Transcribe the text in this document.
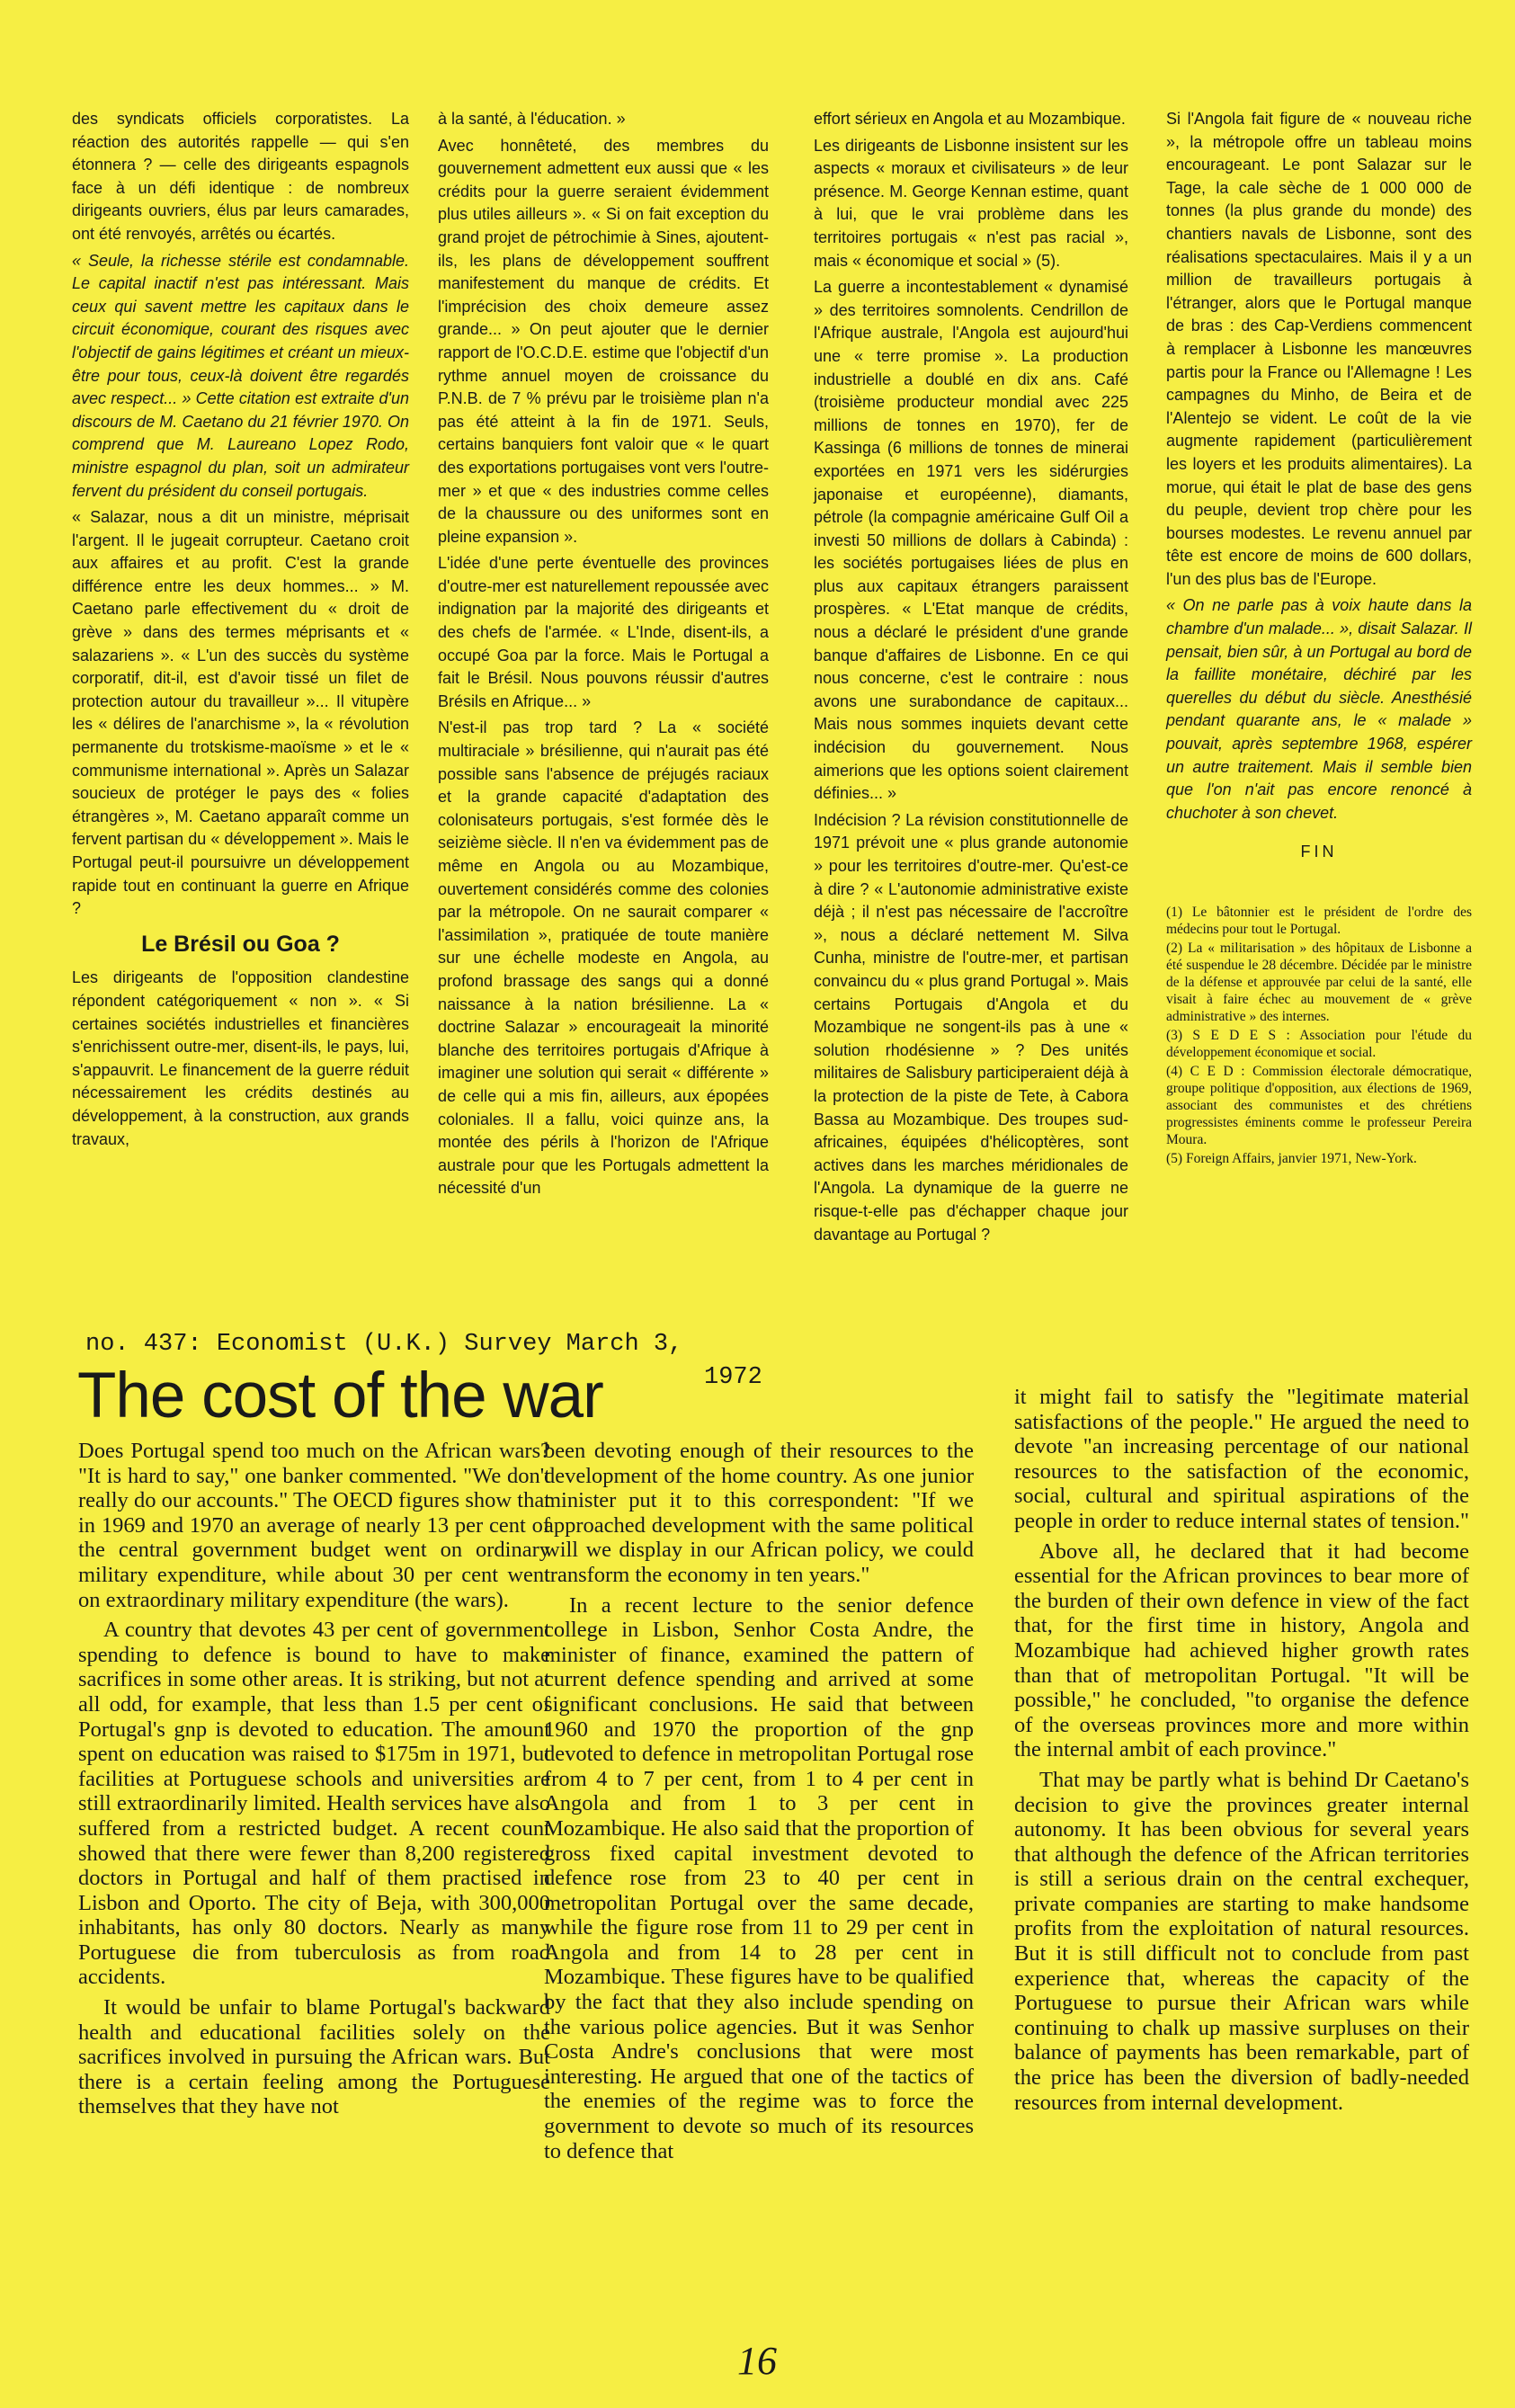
des syndicats officiels corporatistes. La réaction des autorités rappelle — qui s'en étonnera ? — celle des dirigeants espagnols face à un défi identique : de nombreux dirigeants ouvriers, élus par leurs camarades, ont été renvoyés, arrêtés ou écartés.

« Seule, la richesse stérile est condamnable. Le capital inactif n'est pas intéressant. Mais ceux qui savent mettre les capitaux dans le circuit économique, courant des risques avec l'objectif de gains légitimes et créant un mieux-être pour tous, ceux-là doivent être regardés avec respect... » Cette citation est extraite d'un discours de M. Caetano du 21 février 1970. On comprend que M. Laureano Lopez Rodo, ministre espagnol du plan, soit un admirateur fervent du président du conseil portugais.

« Salazar, nous a dit un ministre, méprisait l'argent. Il le jugeait corrupteur. Caetano croit aux affaires et au profit. C'est la grande différence entre les deux hommes... » M. Caetano parle effectivement du « droit de grève » dans des termes méprisants et « salazariens ». « L'un des succès du système corporatif, dit-il, est d'avoir tissé un filet de protection autour du travailleur »... Il vitupère les « délires de l'anarchisme », la « révolution permanente du trotskisme-maoïsme » et le « communisme international ». Après un Salazar soucieux de protéger le pays des « folies étrangères », M. Caetano apparaît comme un fervent partisan du « développement ». Mais le Portugal peut-il poursuivre un développement rapide tout en continuant la guerre en Afrique ?

Le Brésil ou Goa ?

Les dirigeants de l'opposition clandestine répondent catégoriquement « non ». « Si certaines sociétés industrielles et financières s'enrichissent outre-mer, disent-ils, le pays, lui, s'appauvrit. Le financement de la guerre réduit nécessairement les crédits destinés au développement, à la construction, aux grands travaux,

à la santé, à l'éducation. »

Avec honnêteté, des membres du gouvernement admettent eux aussi que « les crédits pour la guerre seraient évidemment plus utiles ailleurs ». « Si on fait exception du grand projet de pétrochimie à Sines, ajoutent-ils, les plans de développement souffrent manifestement du manque de crédits. Et l'imprécision des choix demeure assez grande... » On peut ajouter que le dernier rapport de l'O.C.D.E. estime que l'objectif d'un rythme annuel moyen de croissance du P.N.B. de 7 % prévu par le troisième plan n'a pas été atteint à la fin de 1971. Seuls, certains banquiers font valoir que « le quart des exportations portugaises vont vers l'outre-mer » et que « des industries comme celles de la chaussure ou des uniformes sont en pleine expansion ».

L'idée d'une perte éventuelle des provinces d'outre-mer est naturellement repoussée avec indignation par la majorité des dirigeants et des chefs de l'armée. « L'Inde, disent-ils, a occupé Goa par la force. Mais le Portugal a fait le Brésil. Nous pouvons réussir d'autres Brésils en Afrique... »

N'est-il pas trop tard ? La « société multiraciale » brésilienne, qui n'aurait pas été possible sans l'absence de préjugés raciaux et la grande capacité d'adaptation des colonisateurs portugais, s'est formée dès le seizième siècle. Il n'en va évidemment pas de même en Angola ou au Mozambique, ouvertement considérés comme des colonies par la métropole. On ne saurait comparer « l'assimilation », pratiquée de toute manière sur une échelle modeste en Angola, au profond brassage des sangs qui a donné naissance à la nation brésilienne. La « doctrine Salazar » encourageait la minorité blanche des territoires portugais d'Afrique à imaginer une solution qui serait « différente » de celle qui a mis fin, ailleurs, aux épopées coloniales. Il a fallu, voici quinze ans, la montée des périls à l'horizon de l'Afrique australe pour que les Portugals admettent la nécessité d'un

effort sérieux en Angola et au Mozambique.

Les dirigeants de Lisbonne insistent sur les aspects « moraux et civilisateurs » de leur présence. M. George Kennan estime, quant à lui, que le vrai problème dans les territoires portugais « n'est pas racial », mais « économique et social » (5).

La guerre a incontestablement « dynamisé » des territoires somnolents. Cendrillon de l'Afrique australe, l'Angola est aujourd'hui une « terre promise ». La production industrielle a doublé en dix ans. Café (troisième producteur mondial avec 225 millions de tonnes en 1970), fer de Kassinga (6 millions de tonnes de minerai exportées en 1971 vers les sidérurgies japonaise et européenne), diamants, pétrole (la compagnie américaine Gulf Oil a investi 50 millions de dollars à Cabinda) : les sociétés portugaises liées de plus en plus aux capitaux étrangers paraissent prospères. « L'Etat manque de crédits, nous a déclaré le président d'une grande banque d'affaires de Lisbonne. En ce qui nous concerne, c'est le contraire : nous avons une surabondance de capitaux... Mais nous sommes inquiets devant cette indécision du gouvernement. Nous aimerions que les options soient clairement définies... »

Indécision ? La révision constitutionnelle de 1971 prévoit une « plus grande autonomie » pour les territoires d'outre-mer. Qu'est-ce à dire ? « L'autonomie administrative existe déjà ; il n'est pas nécessaire de l'accroître », nous a déclaré nettement M. Silva Cunha, ministre de l'outre-mer, et partisan convaincu du « plus grand Portugal ». Mais certains Portugais d'Angola et du Mozambique ne songent-ils pas à une « solution rhodésienne » ? Des unités militaires de Salisbury participeraient déjà à la protection de la piste de Tete, à Cabora Bassa au Mozambique. Des troupes sud-africaines, équipées d'hélicoptères, sont actives dans les marches méridionales de l'Angola. La dynamique de la guerre ne risque-t-elle pas d'échapper chaque jour davantage au Portugal ?

Si l'Angola fait figure de « nouveau riche », la métropole offre un tableau moins encourageant. Le pont Salazar sur le Tage, la cale sèche de 1 000 000 de tonnes (la plus grande du monde) des chantiers navals de Lisbonne, sont des réalisations spectaculaires. Mais il y a un million de travailleurs portugais à l'étranger, alors que le Portugal manque de bras : des Cap-Verdiens commencent à remplacer à Lisbonne les manœuvres partis pour la France ou l'Allemagne ! Les campagnes du Minho, de Beira et de l'Alentejo se vident. Le coût de la vie augmente rapidement (particulièrement les loyers et les produits alimentaires). La morue, qui était le plat de base des gens du peuple, devient trop chère pour les bourses modestes. Le revenu annuel par tête est encore de moins de 600 dollars, l'un des plus bas de l'Europe.

« On ne parle pas à voix haute dans la chambre d'un malade... », disait Salazar. Il pensait, bien sûr, à un Portugal au bord de la faillite monétaire, déchiré par les querelles du début du siècle. Anesthésié pendant quarante ans, le « malade » pouvait, après septembre 1968, espérer un autre traitement. Mais il semble bien que l'on n'ait pas encore renoncé à chuchoter à son chevet.

FIN

(1) Le bâtonnier est le président de l'ordre des médecins pour tout le Portugal.

(2) La « militarisation » des hôpitaux de Lisbonne a été suspendue le 28 décembre. Décidée par le ministre de la défense et approuvée par celui de la santé, elle visait à faire échec au mouvement de « grève administrative » des internes.

(3) S E D E S : Association pour l'étude du développement économique et social.

(4) C E D : Commission électorale démocratique, groupe politique d'opposition, aux élections de 1969, associant des communistes et des chrétiens progressistes éminents comme le professeur Pereira Moura.

(5) Foreign Affairs, janvier 1971, New-York.

no. 437: Economist (U.K.) Survey March 3,
1972
The cost of the war

Does Portugal spend too much on the African wars? "It is hard to say," one banker commented. "We don't really do our accounts." The OECD figures show that in 1969 and 1970 an average of nearly 13 per cent of the central government budget went on ordinary military expenditure, while about 30 per cent went on extraordinary military expenditure (the wars).

A country that devotes 43 per cent of government spending to defence is bound to have to make sacrifices in some other areas. It is striking, but not at all odd, for example, that less than 1.5 per cent of Portugal's gnp is devoted to education. The amount spent on education was raised to $175m in 1971, but facilities at Portuguese schools and universities are still extraordinarily limited. Health services have also suffered from a restricted budget. A recent count showed that there were fewer than 8,200 registered doctors in Portugal and half of them practised in Lisbon and Oporto. The city of Beja, with 300,000 inhabitants, has only 80 doctors. Nearly as many Portuguese die from tuberculosis as from road accidents.

It would be unfair to blame Portugal's backward health and educational facilities solely on the sacrifices involved in pursuing the African wars. But there is a certain feeling among the Portuguese themselves that they have not

been devoting enough of their resources to the development of the home country. As one junior minister put it to this correspondent: "If we approached development with the same political will we display in our African policy, we could transform the economy in ten years."

In a recent lecture to the senior defence college in Lisbon, Senhor Costa Andre, the minister of finance, examined the pattern of current defence spending and arrived at some significant conclusions. He said that between 1960 and 1970 the proportion of the gnp devoted to defence in metropolitan Portugal rose from 4 to 7 per cent, from 1 to 4 per cent in Angola and from 1 to 3 per cent in Mozambique. He also said that the proportion of gross fixed capital investment devoted to defence rose from 23 to 40 per cent in metropolitan Portugal over the same decade, while the figure rose from 11 to 29 per cent in Angola and from 14 to 28 per cent in Mozambique. These figures have to be qualified by the fact that they also include spending on the various police agencies. But it was Senhor Costa Andre's conclusions that were most interesting. He argued that one of the tactics of the enemies of the regime was to force the government to devote so much of its resources to defence that

it might fail to satisfy the "legitimate material satisfactions of the people." He argued the need to devote "an increasing percentage of our national resources to the satisfaction of the economic, social, cultural and spiritual aspirations of the people in order to reduce internal states of tension."

Above all, he declared that it had become essential for the African provinces to bear more of the burden of their own defence in view of the fact that, for the first time in history, Angola and Mozambique had achieved higher growth rates than that of metropolitan Portugal. "It will be possible," he concluded, "to organise the defence of the overseas provinces more and more within the internal ambit of each province."

That may be partly what is behind Dr Caetano's decision to give the provinces greater internal autonomy. It has been obvious for several years that although the defence of the African territories is still a serious drain on the central exchequer, private companies are starting to make handsome profits from the exploitation of natural resources. But it is still difficult not to conclude from past experience that, whereas the capacity of the Portuguese to pursue their African wars while continuing to chalk up massive surpluses on their balance of payments has been remarkable, part of the price has been the diversion of badly-needed resources from internal development.

16
